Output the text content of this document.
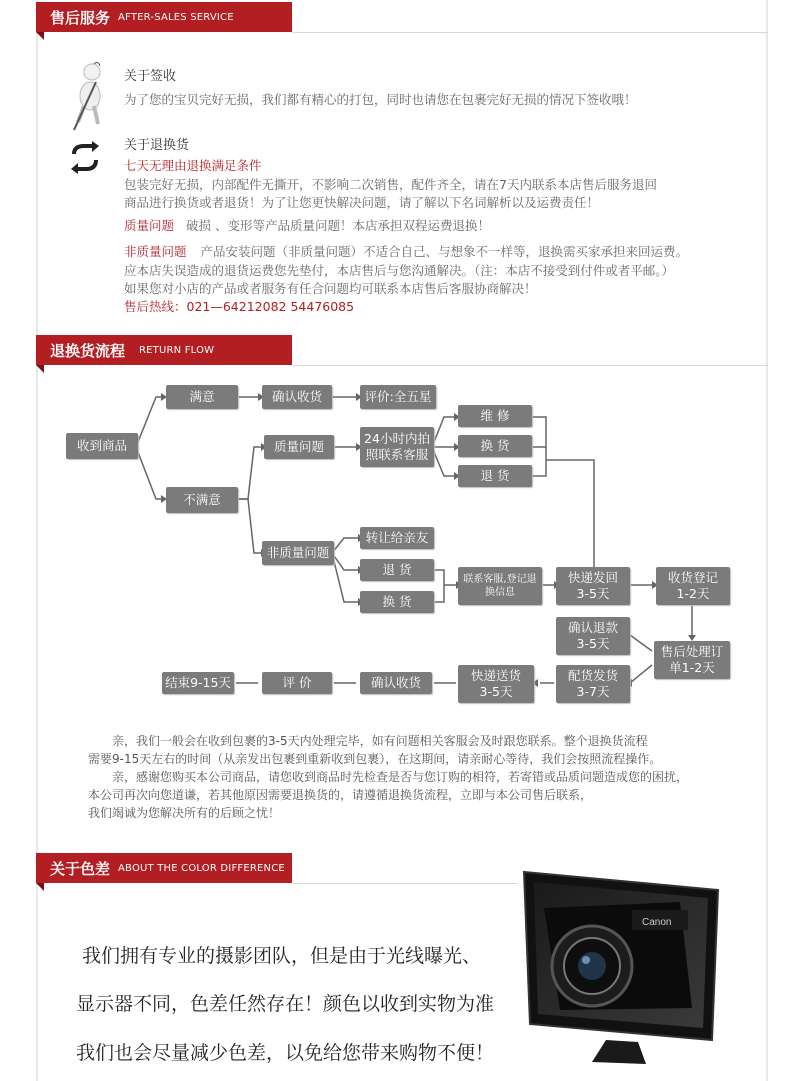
售后服务 AFTER-SALES SERVICE
关于签收
为了您的宝贝完好无损，我们都有精心的打包，同时也请您在包裹完好无损的情况下签收哦！
关于退换货
七天无理由退换满足条件
包装完好无损，内部配件无撕开，不影响二次销售，配件齐全，请在7天内联系本店售后服务退回
商品进行换货或者退货！为了让您更快解决问题，请了解以下名词解析以及运费责任！
质量问题 破损 、变形等产品质量问题！本店承担双程运费退换！
非质量问题 产品安装问题（非质量问题）不适合自己、与想象不一样等，退换需买家承担来回运费。
应本店失误造成的退货运费您先垫付，本店售后与您沟通解决。（注：本店不接受到付件或者平邮。）
如果您对小店的产品或者服务有任合问题均可联系本店售后客服协商解决！
售后热线：021—64212082 54476085
退换货流程 RETURN FLOW
收到商品
满意	确认收货	评价:全五星
不满意
质量问题
24小时内拍照联系客服
维 修
换 货
退 货
非质量问题
转让给亲友
退 货
换 货
联系客服,登记退换信息
快递发回 3-5天
收货登记 1-2天
确认退款 3-5天
售后处理订单1-2天
配货发货 3-7天
快递送货 3-5天
确认收货
评 价
结束9-15天
亲，我们一般会在收到包裹的3-5天内处理完毕，如有问题相关客服会及时跟您联系。整个退换货流程
需要9-15天左右的时间（从亲发出包裹到重新收到包裹），在这期间，请亲耐心等待，我们会按照流程操作。
亲，感谢您购买本公司商品，请您收到商品时先检查是否与您订购的相符，若寄错或品质问题造成您的困扰，
本公司再次向您道谦，若其他原因需要退换货的，请遵循退换货流程，立即与本公司售后联系，
我们竭诚为您解决所有的后顾之忧！
关于色差 ABOUT THE COLOR DIFFERENCE
我们拥有专业的摄影团队，但是由于光线曝光、
显示器不同，色差任然存在！颜色以收到实物为准
我们也会尽量减少色差，以免给您带来购物不便！
Canon
